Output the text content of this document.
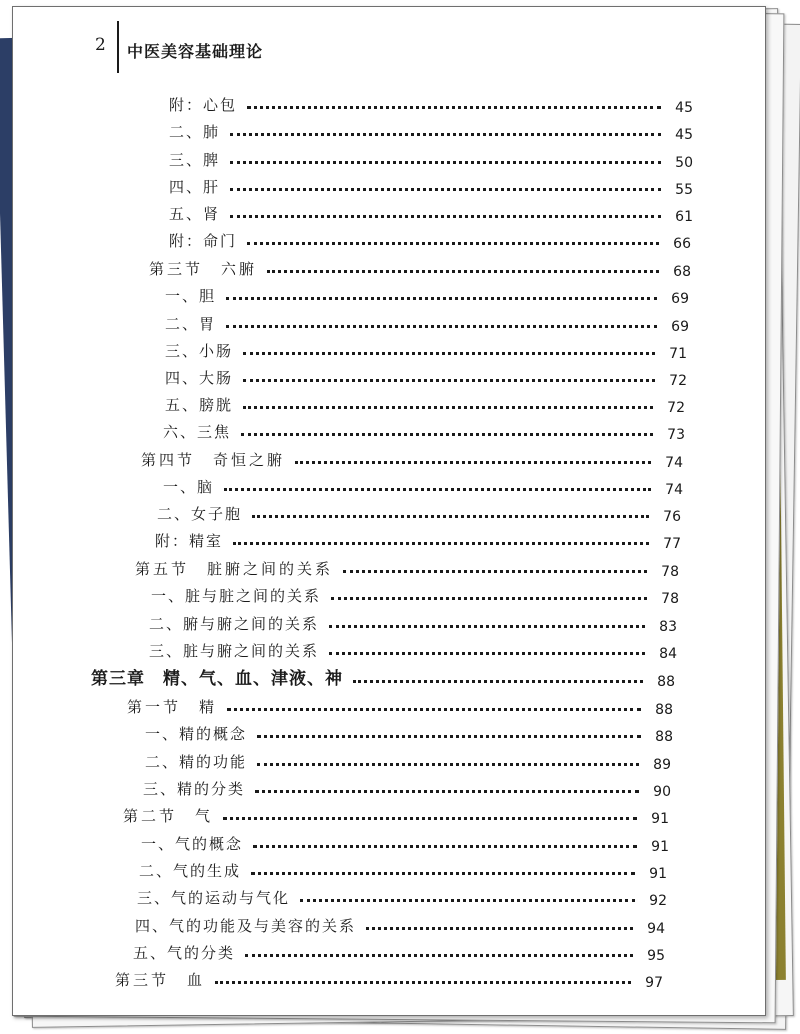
2 中医美容基础理论
附：心包	45
二、肺	45
三、脾	50
四、肝	55
五、肾	61
附：命门	66
第三节　六腑	68
一、胆	69
二、胃	69
三、小肠	71
四、大肠	72
五、膀胱	72
六、三焦	73
第四节　奇恒之腑	74
一、脑	74
二、女子胞	76
附：精室	77
第五节　脏腑之间的关系	78
一、脏与脏之间的关系	78
二、腑与腑之间的关系	83
三、脏与腑之间的关系	84
第三章　精、气、血、津液、神	88
第一节　精	88
一、精的概念	88
二、精的功能	89
三、精的分类	90
第二节　气	91
一、气的概念	91
二、气的生成	91
三、气的运动与气化	92
四、气的功能及与美容的关系	94
五、气的分类	95
第三节　血	97
